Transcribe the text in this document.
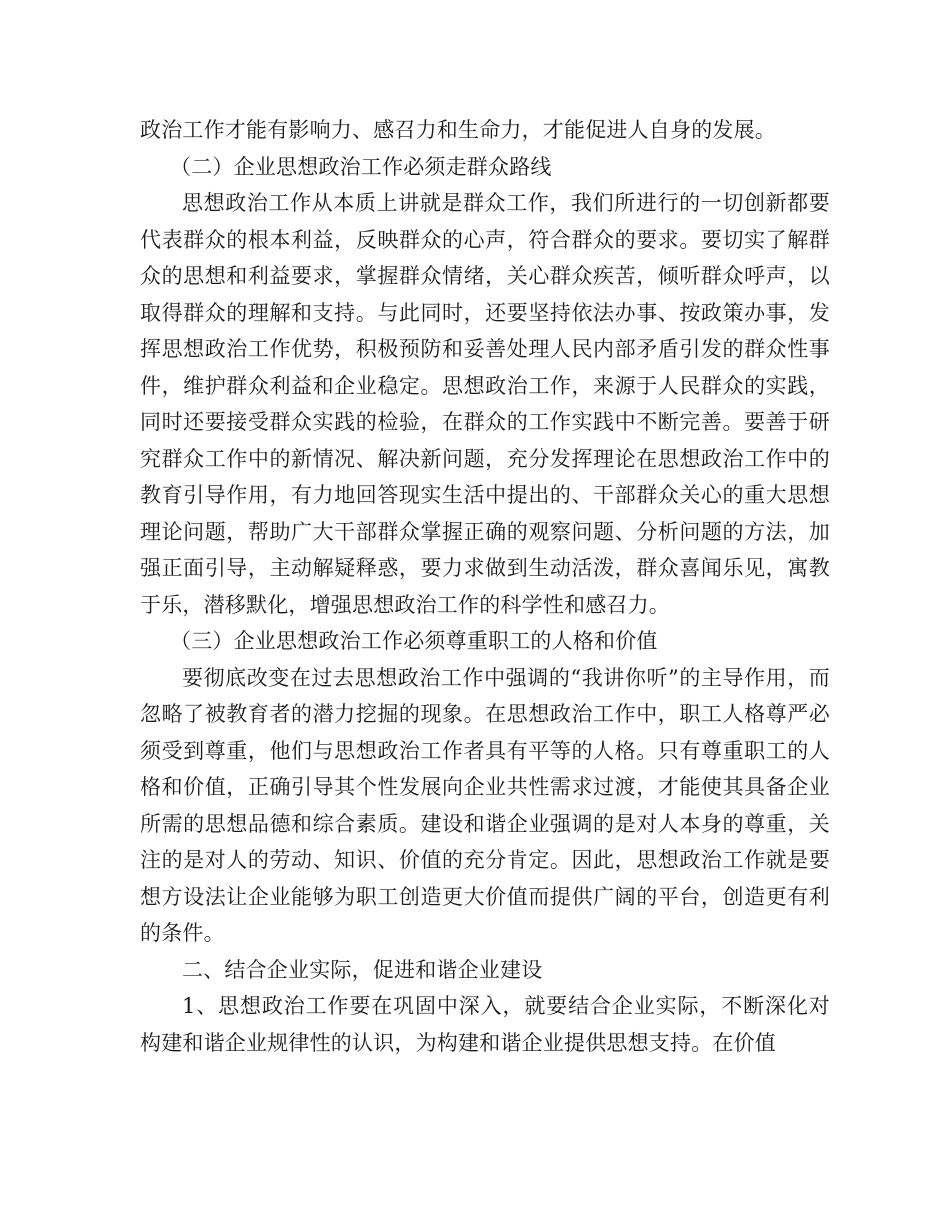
政治工作才能有影响力、感召力和生命力，才能促进人自身的发展。

（二）企业思想政治工作必须走群众路线

思想政治工作从本质上讲就是群众工作，我们所进行的一切创新都要代表群众的根本利益，反映群众的心声，符合群众的要求。要切实了解群众的思想和利益要求，掌握群众情绪，关心群众疾苦，倾听群众呼声，以取得群众的理解和支持。与此同时，还要坚持依法办事、按政策办事，发挥思想政治工作优势，积极预防和妥善处理人民内部矛盾引发的群众性事件，维护群众利益和企业稳定。思想政治工作，来源于人民群众的实践，同时还要接受群众实践的检验，在群众的工作实践中不断完善。要善于研究群众工作中的新情况、解决新问题，充分发挥理论在思想政治工作中的教育引导作用，有力地回答现实生活中提出的、干部群众关心的重大思想理论问题，帮助广大干部群众掌握正确的观察问题、分析问题的方法，加强正面引导，主动解疑释惑，要力求做到生动活泼，群众喜闻乐见，寓教于乐，潜移默化，增强思想政治工作的科学性和感召力。

（三）企业思想政治工作必须尊重职工的人格和价值

要彻底改变在过去思想政治工作中强调的“我讲你听”的主导作用，而忽略了被教育者的潜力挖掘的现象。在思想政治工作中，职工人格尊严必须受到尊重，他们与思想政治工作者具有平等的人格。只有尊重职工的人格和价值，正确引导其个性发展向企业共性需求过渡，才能使其具备企业所需的思想品德和综合素质。建设和谐企业强调的是对人本身的尊重，关注的是对人的劳动、知识、价值的充分肯定。因此，思想政治工作就是要想方设法让企业能够为职工创造更大价值而提供广阔的平台，创造更有利的条件。

二、结合企业实际，促进和谐企业建设

1、思想政治工作要在巩固中深入，就要结合企业实际，不断深化对构建和谐企业规律性的认识，为构建和谐企业提供思想支持。在价值
